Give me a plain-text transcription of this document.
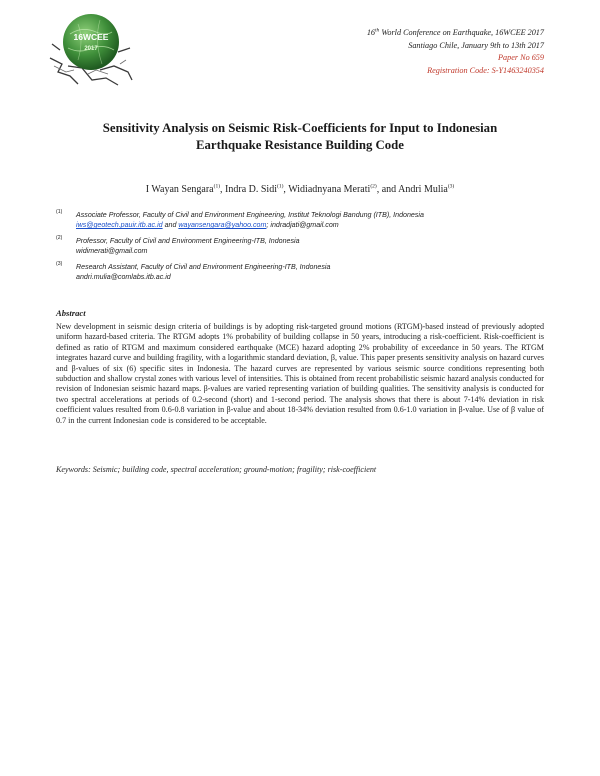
16WCEE
2017
16th World Conference on Earthquake, 16WCEE 2017
Santiago Chile, January 9th to 13th 2017
Paper No 659
Registration Code: S-Y1463240354
Sensitivity Analysis on Seismic Risk-Coefficients for Input to Indonesian
Earthquake Resistance Building Code
I Wayan Sengara$^{(1)}$, Indra D. Sidi$^{(1)}$, Widiadnyana Merati$^{(2)}$, and Andri Mulia$^{(3)}$
(1) Associate Professor, Faculty of Civil and Environment Engineering, Institut Teknologi Bandung (ITB), Indonesia
iws@geotech.pauir.itb.ac.id and wayansengara@yahoo.com; indradjati@gmail.com
(2) Professor, Faculty of Civil and Environment Engineering-ITB, Indonesia
widimerati@gmail.com
(3) Research Assistant, Faculty of Civil and Environment Engineering-ITB, Indonesia
andri.mulia@comlabs.itb.ac.id
Abstract
New development in seismic design criteria of buildings is by adopting risk-targeted ground motions (RTGM)-based instead of previously adopted uniform hazard-based criteria. The RTGM adopts 1% probability of building collapse in 50 years, introducing a risk-coefficient. Risk-coefficient is defined as ratio of RTGM and maximum considered earthquake (MCE) hazard adopting 2% probability of exceedance in 50 years. The RTGM integrates hazard curve and building fragility, with a logarithmic standard deviation, β, value. This paper presents sensitivity analysis on hazard curves and β-values of six (6) specific sites in Indonesia. The hazard curves are represented by various seismic source conditions representing both subduction and shallow crystal zones with various level of intensities. This is obtained from recent probabilistic seismic hazard analysis conducted for revision of Indonesian seismic hazard maps. β-values are varied representing variation of building qualities. The sensitivity analysis is conducted for two spectral accelerations at periods of 0.2-second (short) and 1-second period. The analysis shows that there is about 7-14% deviation in risk coefficient values resulted from 0.6-0.8 variation in β-value and about 18-34% deviation resulted from 0.6-1.0 variation in β-value. Use of β value of 0.7 in the current Indonesian code is considered to be acceptable.
Keywords: Seismic; building code, spectral acceleration; ground-motion; fragility; risk-coefficient
